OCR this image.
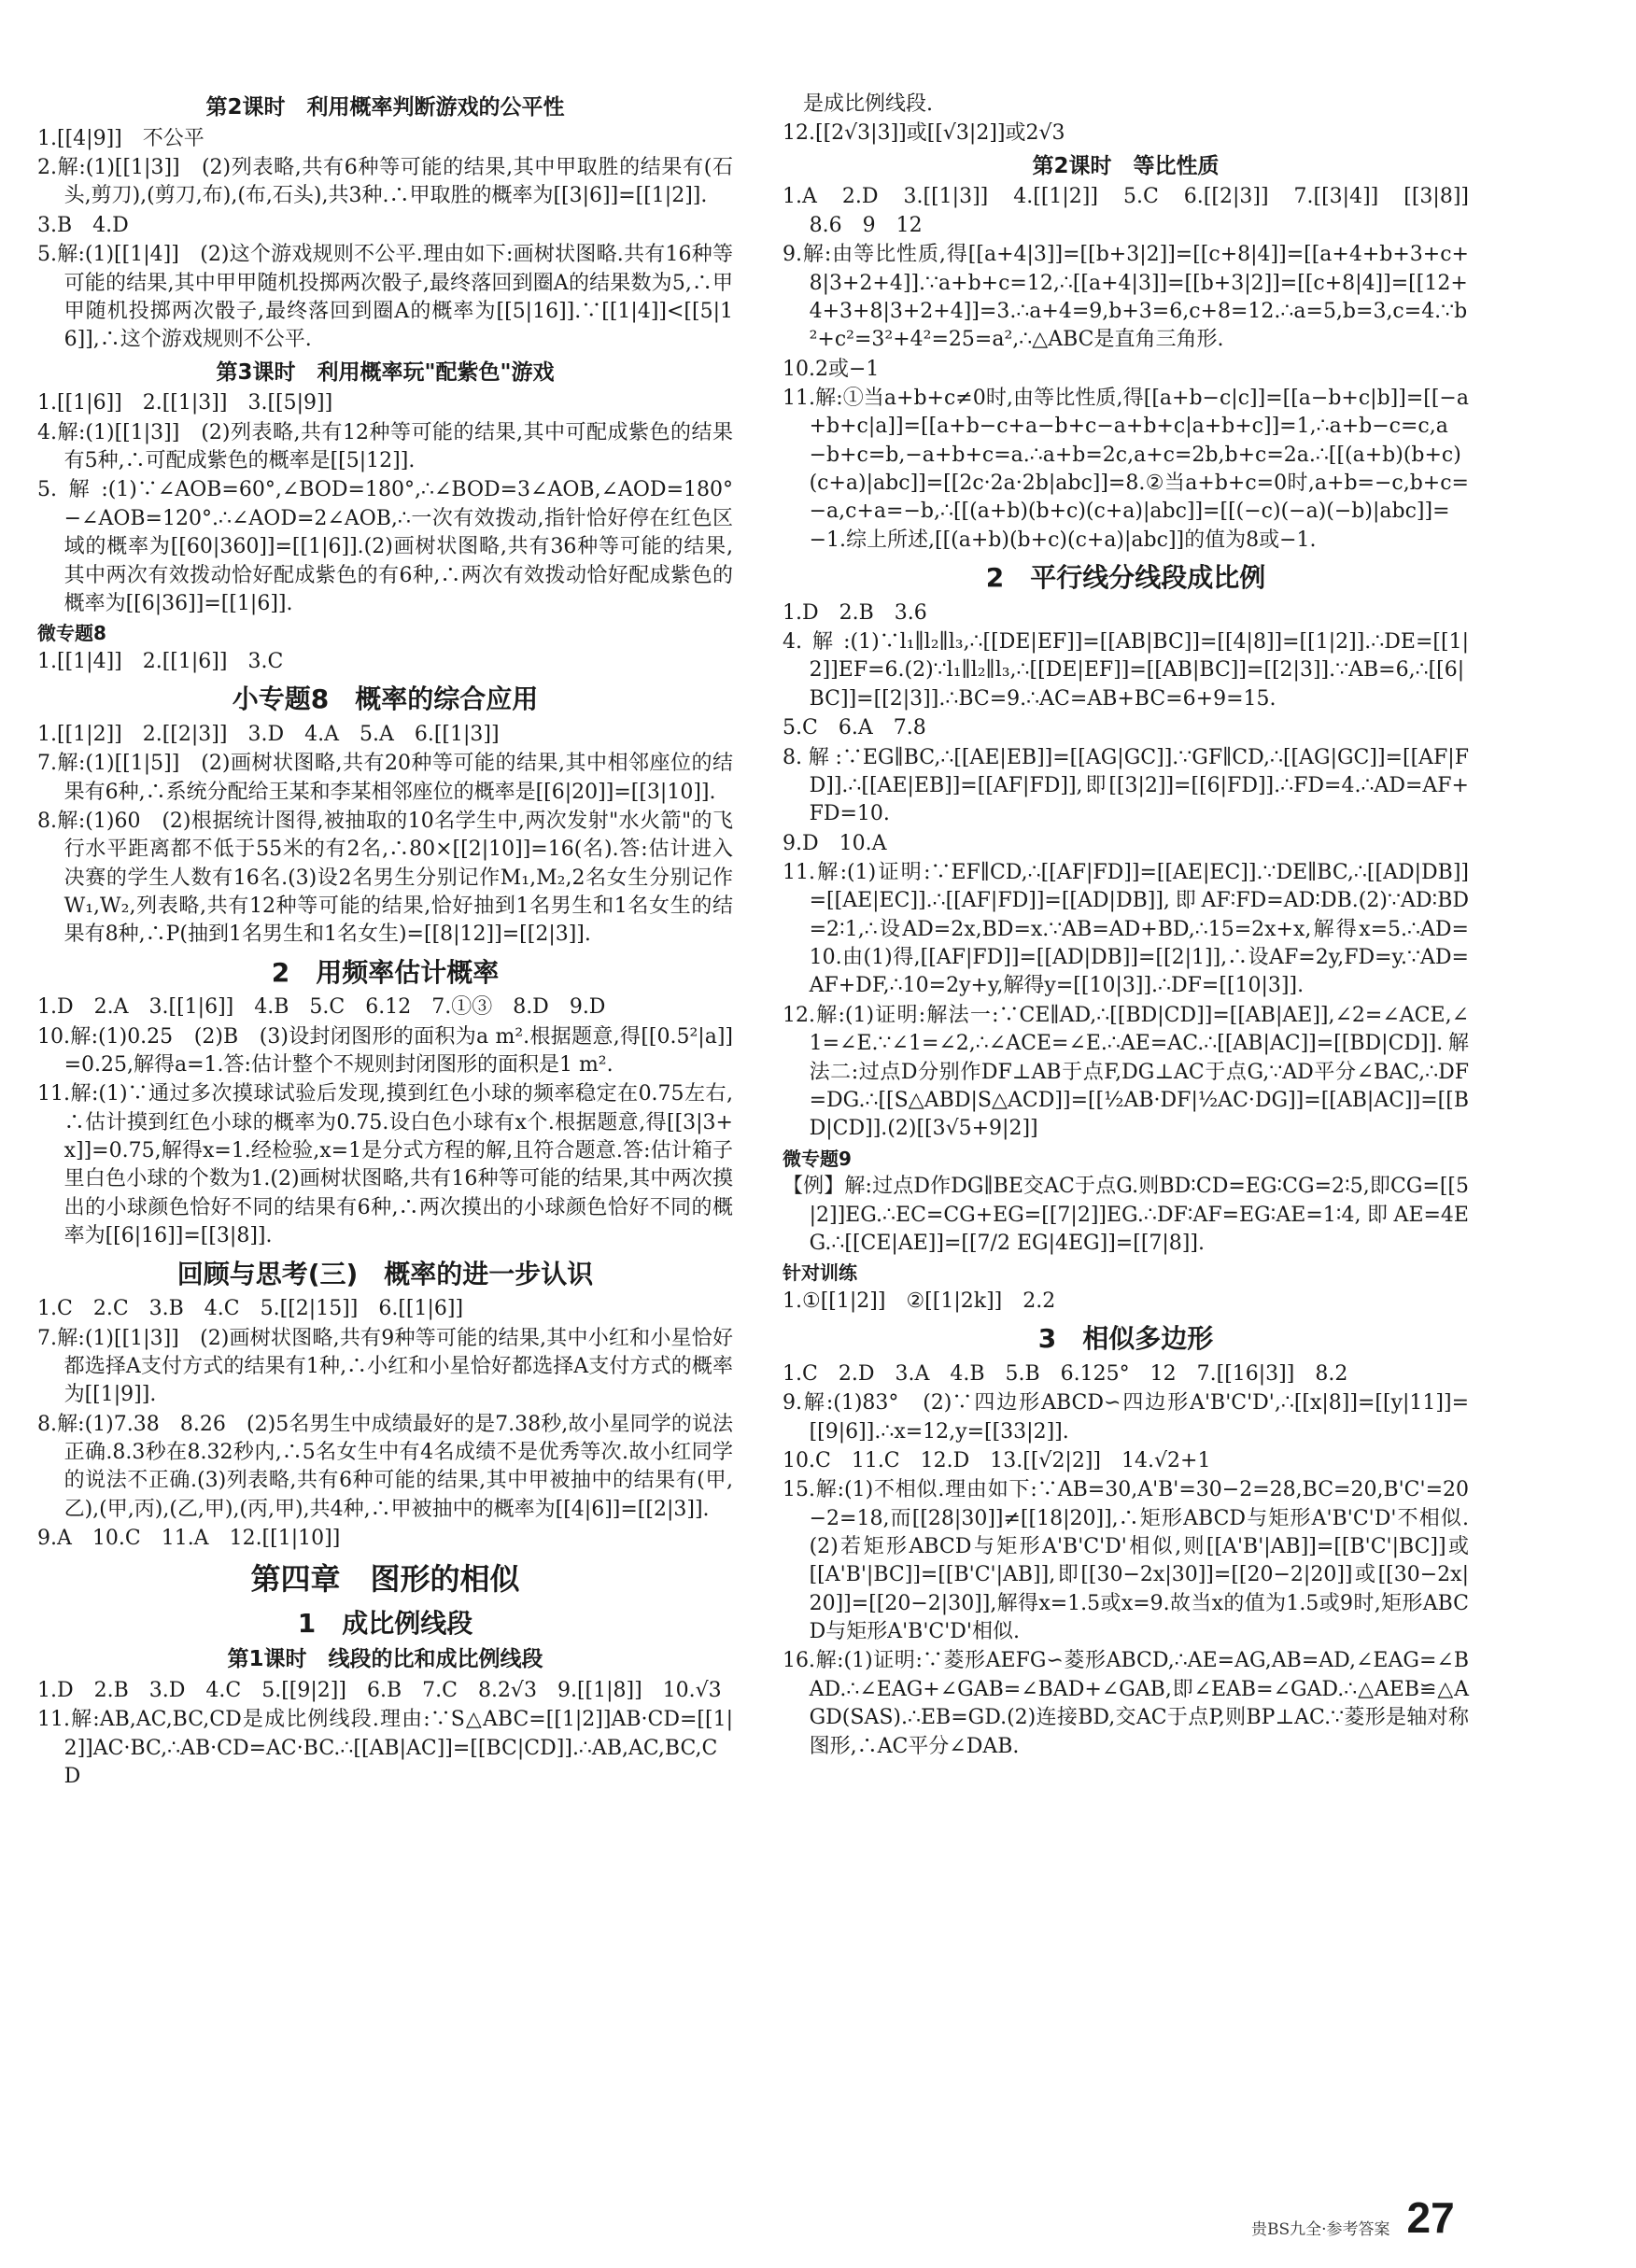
第2课时　利用概率判断游戏的公平性
1.[[4|9]]　不公平
2.解:(1)[[1|3]]　(2)列表略,共有6种等可能的结果,其中甲取胜的结果有(石头,剪刀),(剪刀,布),(布,石头),共3种.∴甲取胜的概率为[[3|6]]=[[1|2]].
3.B　4.D
5.解:(1)[[1|4]]　(2)这个游戏规则不公平.理由如下:画树状图略.共有16种等可能的结果,其中甲甲随机投掷两次骰子,最终落回到圈A的结果数为5,∴甲甲随机投掷两次骰子,最终落回到圈A的概率为[[5|16]].∵[[1|4]]<[[5|16]],∴这个游戏规则不公平.
第3课时　利用概率玩"配紫色"游戏
1.[[1|6]]　2.[[1|3]]　3.[[5|9]]
4.解:(1)[[1|3]]　(2)列表略,共有12种等可能的结果,其中可配成紫色的结果有5种,∴可配成紫色的概率是[[5|12]].
5.解:(1)∵∠AOB=60°,∠BOD=180°,∴∠BOD=3∠AOB,∠AOD=180°−∠AOB=120°.∴∠AOD=2∠AOB,∴一次有效拨动,指针恰好停在红色区域的概率为[[60|360]]=[[1|6]].(2)画树状图略,共有36种等可能的结果,其中两次有效拨动恰好配成紫色的有6种,∴两次有效拨动恰好配成紫色的概率为[[6|36]]=[[1|6]].
微专题8
1.[[1|4]]　2.[[1|6]]　3.C
小专题8　概率的综合应用
1.[[1|2]]　2.[[2|3]]　3.D　4.A　5.A　6.[[1|3]]
7.解:(1)[[1|5]]　(2)画树状图略,共有20种等可能的结果,其中相邻座位的结果有6种,∴系统分配给王某和李某相邻座位的概率是[[6|20]]=[[3|10]].
8.解:(1)60　(2)根据统计图得,被抽取的10名学生中,两次发射"水火箭"的飞行水平距离都不低于55米的有2名,∴80×[[2|10]]=16(名).答:估计进入决赛的学生人数有16名.(3)设2名男生分别记作M₁,M₂,2名女生分别记作W₁,W₂,列表略,共有12种等可能的结果,恰好抽到1名男生和1名女生的结果有8种,∴P(抽到1名男生和1名女生)=[[8|12]]=[[2|3]].
2　用频率估计概率
1.D　2.A　3.[[1|6]]　4.B　5.C　6.12　7.①③　8.D　9.D
10.解:(1)0.25　(2)B　(3)设封闭图形的面积为a m².根据题意,得[[0.5²|a]]=0.25,解得a=1.答:估计整个不规则封闭图形的面积是1 m².
11.解:(1)∵通过多次摸球试验后发现,摸到红色小球的频率稳定在0.75左右,∴估计摸到红色小球的概率为0.75.设白色小球有x个.根据题意,得[[3|3+x]]=0.75,解得x=1.经检验,x=1是分式方程的解,且符合题意.答:估计箱子里白色小球的个数为1.(2)画树状图略,共有16种等可能的结果,其中两次摸出的小球颜色恰好不同的结果有6种,∴两次摸出的小球颜色恰好不同的概率为[[6|16]]=[[3|8]].
回顾与思考(三)　概率的进一步认识
1.C　2.C　3.B　4.C　5.[[2|15]]　6.[[1|6]]
7.解:(1)[[1|3]]　(2)画树状图略,共有9种等可能的结果,其中小红和小星恰好都选择A支付方式的结果有1种,∴小红和小星恰好都选择A支付方式的概率为[[1|9]].
8.解:(1)7.38　8.26　(2)5名男生中成绩最好的是7.38秒,故小星同学的说法正确.8.3秒在8.32秒内,∴5名女生中有4名成绩不是优秀等次.故小红同学的说法不正确.(3)列表略,共有6种可能的结果,其中甲被抽中的结果有(甲,乙),(甲,丙),(乙,甲),(丙,甲),共4种,∴甲被抽中的概率为[[4|6]]=[[2|3]].
9.A　10.C　11.A　12.[[1|10]]
第四章　图形的相似
1　成比例线段
第1课时　线段的比和成比例线段
1.D　2.B　3.D　4.C　5.[[9|2]]　6.B　7.C　8.2√3　9.[[1|8]]　10.√3
11.解:AB,AC,BC,CD是成比例线段.理由:∵S△ABC=[[1|2]]AB·CD=[[1|2]]AC·BC,∴AB·CD=AC·BC.∴[[AB|AC]]=[[BC|CD]].∴AB,AC,BC,CD
　是成比例线段.
12.[[2√3|3]]或[[√3|2]]或2√3
第2课时　等比性质
1.A　2.D　3.[[1|3]]　4.[[1|2]]　5.C　6.[[2|3]]　7.[[3|4]]　[[3|8]]　8.6　9　12
9.解:由等比性质,得[[a+4|3]]=[[b+3|2]]=[[c+8|4]]=[[a+4+b+3+c+8|3+2+4]].∵a+b+c=12,∴[[a+4|3]]=[[b+3|2]]=[[c+8|4]]=[[12+4+3+8|3+2+4]]=3.∴a+4=9,b+3=6,c+8=12.∴a=5,b=3,c=4.∵b²+c²=3²+4²=25=a²,∴△ABC是直角三角形.
10.2或−1
11.解:①当a+b+c≠0时,由等比性质,得[[a+b−c|c]]=[[a−b+c|b]]=[[−a+b+c|a]]=[[a+b−c+a−b+c−a+b+c|a+b+c]]=1,∴a+b−c=c,a−b+c=b,−a+b+c=a.∴a+b=2c,a+c=2b,b+c=2a.∴[[(a+b)(b+c)(c+a)|abc]]=[[2c·2a·2b|abc]]=8.②当a+b+c=0时,a+b=−c,b+c=−a,c+a=−b,∴[[(a+b)(b+c)(c+a)|abc]]=[[(−c)(−a)(−b)|abc]]=−1.综上所述,[[(a+b)(b+c)(c+a)|abc]]的值为8或−1.
2　平行线分线段成比例
1.D　2.B　3.6
4.解:(1)∵l₁∥l₂∥l₃,∴[[DE|EF]]=[[AB|BC]]=[[4|8]]=[[1|2]].∴DE=[[1|2]]EF=6.(2)∵l₁∥l₂∥l₃,∴[[DE|EF]]=[[AB|BC]]=[[2|3]].∵AB=6,∴[[6|BC]]=[[2|3]].∴BC=9.∴AC=AB+BC=6+9=15.
5.C　6.A　7.8
8.解:∵EG∥BC,∴[[AE|EB]]=[[AG|GC]].∵GF∥CD,∴[[AG|GC]]=[[AF|FD]].∴[[AE|EB]]=[[AF|FD]],即[[3|2]]=[[6|FD]].∴FD=4.∴AD=AF+FD=10.
9.D　10.A
11.解:(1)证明:∵EF∥CD,∴[[AF|FD]]=[[AE|EC]].∵DE∥BC,∴[[AD|DB]]=[[AE|EC]].∴[[AF|FD]]=[[AD|DB]],即AF∶FD=AD∶DB.(2)∵AD∶BD=2∶1,∴设AD=2x,BD=x.∵AB=AD+BD,∴15=2x+x,解得x=5.∴AD=10.由(1)得,[[AF|FD]]=[[AD|DB]]=[[2|1]],∴设AF=2y,FD=y.∵AD=AF+DF,∴10=2y+y,解得y=[[10|3]].∴DF=[[10|3]].
12.解:(1)证明:解法一:∵CE∥AD,∴[[BD|CD]]=[[AB|AE]],∠2=∠ACE,∠1=∠E.∵∠1=∠2,∴∠ACE=∠E.∴AE=AC.∴[[AB|AC]]=[[BD|CD]].解法二:过点D分别作DF⊥AB于点F,DG⊥AC于点G,∵AD平分∠BAC,∴DF=DG.∴[[S△ABD|S△ACD]]=[[½AB·DF|½AC·DG]]=[[AB|AC]]=[[BD|CD]].(2)[[3√5+9|2]]
微专题9
【例】解:过点D作DG∥BE交AC于点G.则BD∶CD=EG∶CG=2∶5,即CG=[[5|2]]EG.∴EC=CG+EG=[[7|2]]EG.∴DF∶AF=EG∶AE=1∶4,即AE=4EG.∴[[CE|AE]]=[[7/2 EG|4EG]]=[[7|8]].
针对训练
1.①[[1|2]]　②[[1|2k]]　2.2
3　相似多边形
1.C　2.D　3.A　4.B　5.B　6.125°　12　7.[[16|3]]　8.2
9.解:(1)83°　(2)∵四边形ABCD∽四边形A'B'C'D',∴[[x|8]]=[[y|11]]=[[9|6]].∴x=12,y=[[33|2]].
10.C　11.C　12.D　13.[[√2|2]]　14.√2+1
15.解:(1)不相似.理由如下:∵AB=30,A'B'=30−2=28,BC=20,B'C'=20−2=18,而[[28|30]]≠[[18|20]],∴矩形ABCD与矩形A'B'C'D'不相似.(2)若矩形ABCD与矩形A'B'C'D'相似,则[[A'B'|AB]]=[[B'C'|BC]]或[[A'B'|BC]]=[[B'C'|AB]],即[[30−2x|30]]=[[20−2|20]]或[[30−2x|20]]=[[20−2|30]],解得x=1.5或x=9.故当x的值为1.5或9时,矩形ABCD与矩形A'B'C'D'相似.
16.解:(1)证明:∵菱形AEFG∽菱形ABCD,∴AE=AG,AB=AD,∠EAG=∠BAD.∴∠EAG+∠GAB=∠BAD+∠GAB,即∠EAB=∠GAD.∴△AEB≌△AGD(SAS).∴EB=GD.(2)连接BD,交AC于点P,则BP⊥AC.∵菱形是轴对称图形,∴AC平分∠DAB.
贵BS九全·参考答案 27
